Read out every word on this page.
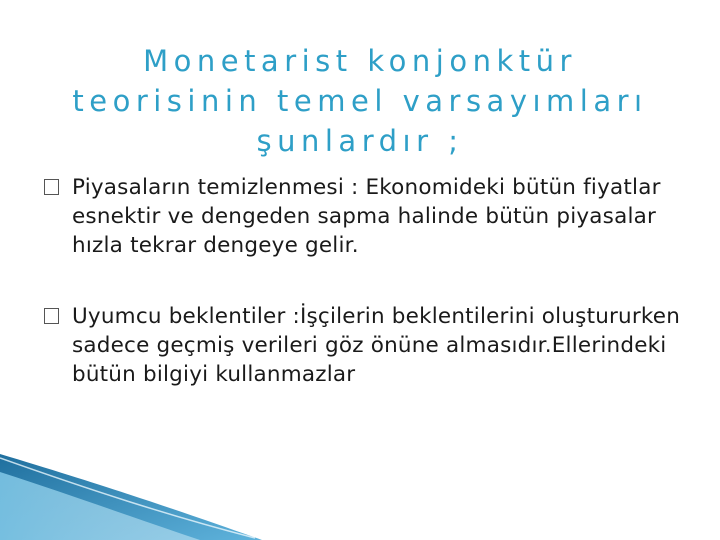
Monetarist konjonktür
teorisinin temel varsayımları
şunlardır ;
Piyasaların temizlenmesi : Ekonomideki bütün fiyatlar esnektir ve dengeden sapma halinde bütün piyasalar hızla tekrar dengeye gelir.
Uyumcu beklentiler :İşçilerin beklentilerini oluştururken sadece geçmiş verileri göz önüne almasıdır.Ellerindeki bütün bilgiyi kullanmazlar
